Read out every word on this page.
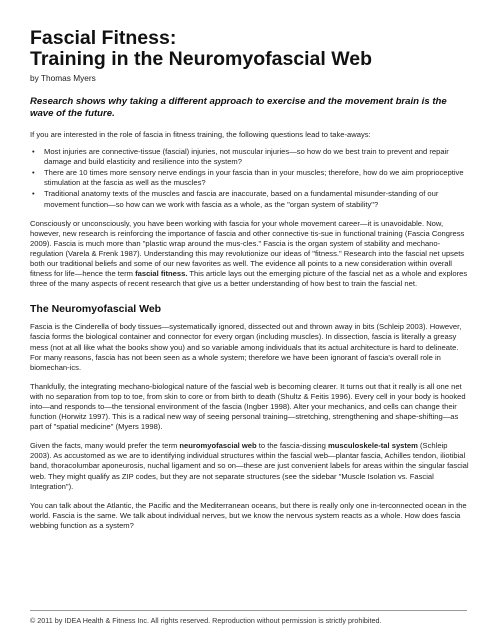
Fascial Fitness:
Training in the Neuromyofascial Web
by Thomas Myers
Research shows why taking a different approach to exercise and the movement brain is the wave of the future.

If you are interested in the role of fascia in fitness training, the following questions lead to take-aways:

• Most injuries are connective-tissue (fascial) injuries, not muscular injuries—so how do we best train to prevent and repair damage and build elasticity and resilience into the system?
• There are 10 times more sensory nerve endings in your fascia than in your muscles; therefore, how do we aim proprioceptive stimulation at the fascia as well as the muscles?
• Traditional anatomy texts of the muscles and fascia are inaccurate, based on a fundamental misunder-standing of our movement function—so how can we work with fascia as a whole, as the "organ system of stability"?

Consciously or unconsciously, you have been working with fascia for your whole movement career—it is unavoidable. Now, however, new research is reinforcing the importance of fascia and other connective tis-sue in functional training (Fascia Congress 2009). Fascia is much more than "plastic wrap around the mus-cles." Fascia is the organ system of stability and mechano-regulation (Varela & Frenk 1987). Understanding this may revolutionize our ideas of "fitness." Research into the fascial net upsets both our traditional beliefs and some of our new favorites as well. The evidence all points to a new consideration within overall fitness for life—hence the term fascial fitness. This article lays out the emerging picture of the fascial net as a whole and explores three of the many aspects of recent research that give us a better understanding of how best to train the fascial net.

The Neuromyofascial Web

Fascia is the Cinderella of body tissues—systematically ignored, dissected out and thrown away in bits (Schleip 2003). However, fascia forms the biological container and connector for every organ (including muscles). In dissection, fascia is literally a greasy mess (not at all like what the books show you) and so variable among individuals that its actual architecture is hard to delineate. For many reasons, fascia has not been seen as a whole system; therefore we have been ignorant of fascia's overall role in biomechan-ics.

Thankfully, the integrating mechano-biological nature of the fascial web is becoming clearer. It turns out that it really is all one net with no separation from top to toe, from skin to core or from birth to death (Shultz & Feitis 1996). Every cell in your body is hooked into—and responds to—the tensional environment of the fascia (Ingber 1998). Alter your mechanics, and cells can change their function (Horwitz 1997). This is a radical new way of seeing personal training—stretching, strengthening and shape-shifting—as part of "spatial medicine" (Myers 1998).

Given the facts, many would prefer the term neuromyofascial web to the fascia-dissing musculoskele-tal system (Schleip 2003). As accustomed as we are to identifying individual structures within the fascial web—plantar fascia, Achilles tendon, iliotibial band, thoracolumbar aponeurosis, nuchal ligament and so on—these are just convenient labels for areas within the singular fascial web. They might qualify as ZIP codes, but they are not separate structures (see the sidebar "Muscle Isolation vs. Fascial Integration").

You can talk about the Atlantic, the Pacific and the Mediterranean oceans, but there is really only one in-terconnected ocean in the world. Fascia is the same. We talk about individual nerves, but we know the nervous system reacts as a whole. How does fascia webbing function as a system?

© 2011 by IDEA Health & Fitness Inc. All rights reserved. Reproduction without permission is strictly prohibited.
